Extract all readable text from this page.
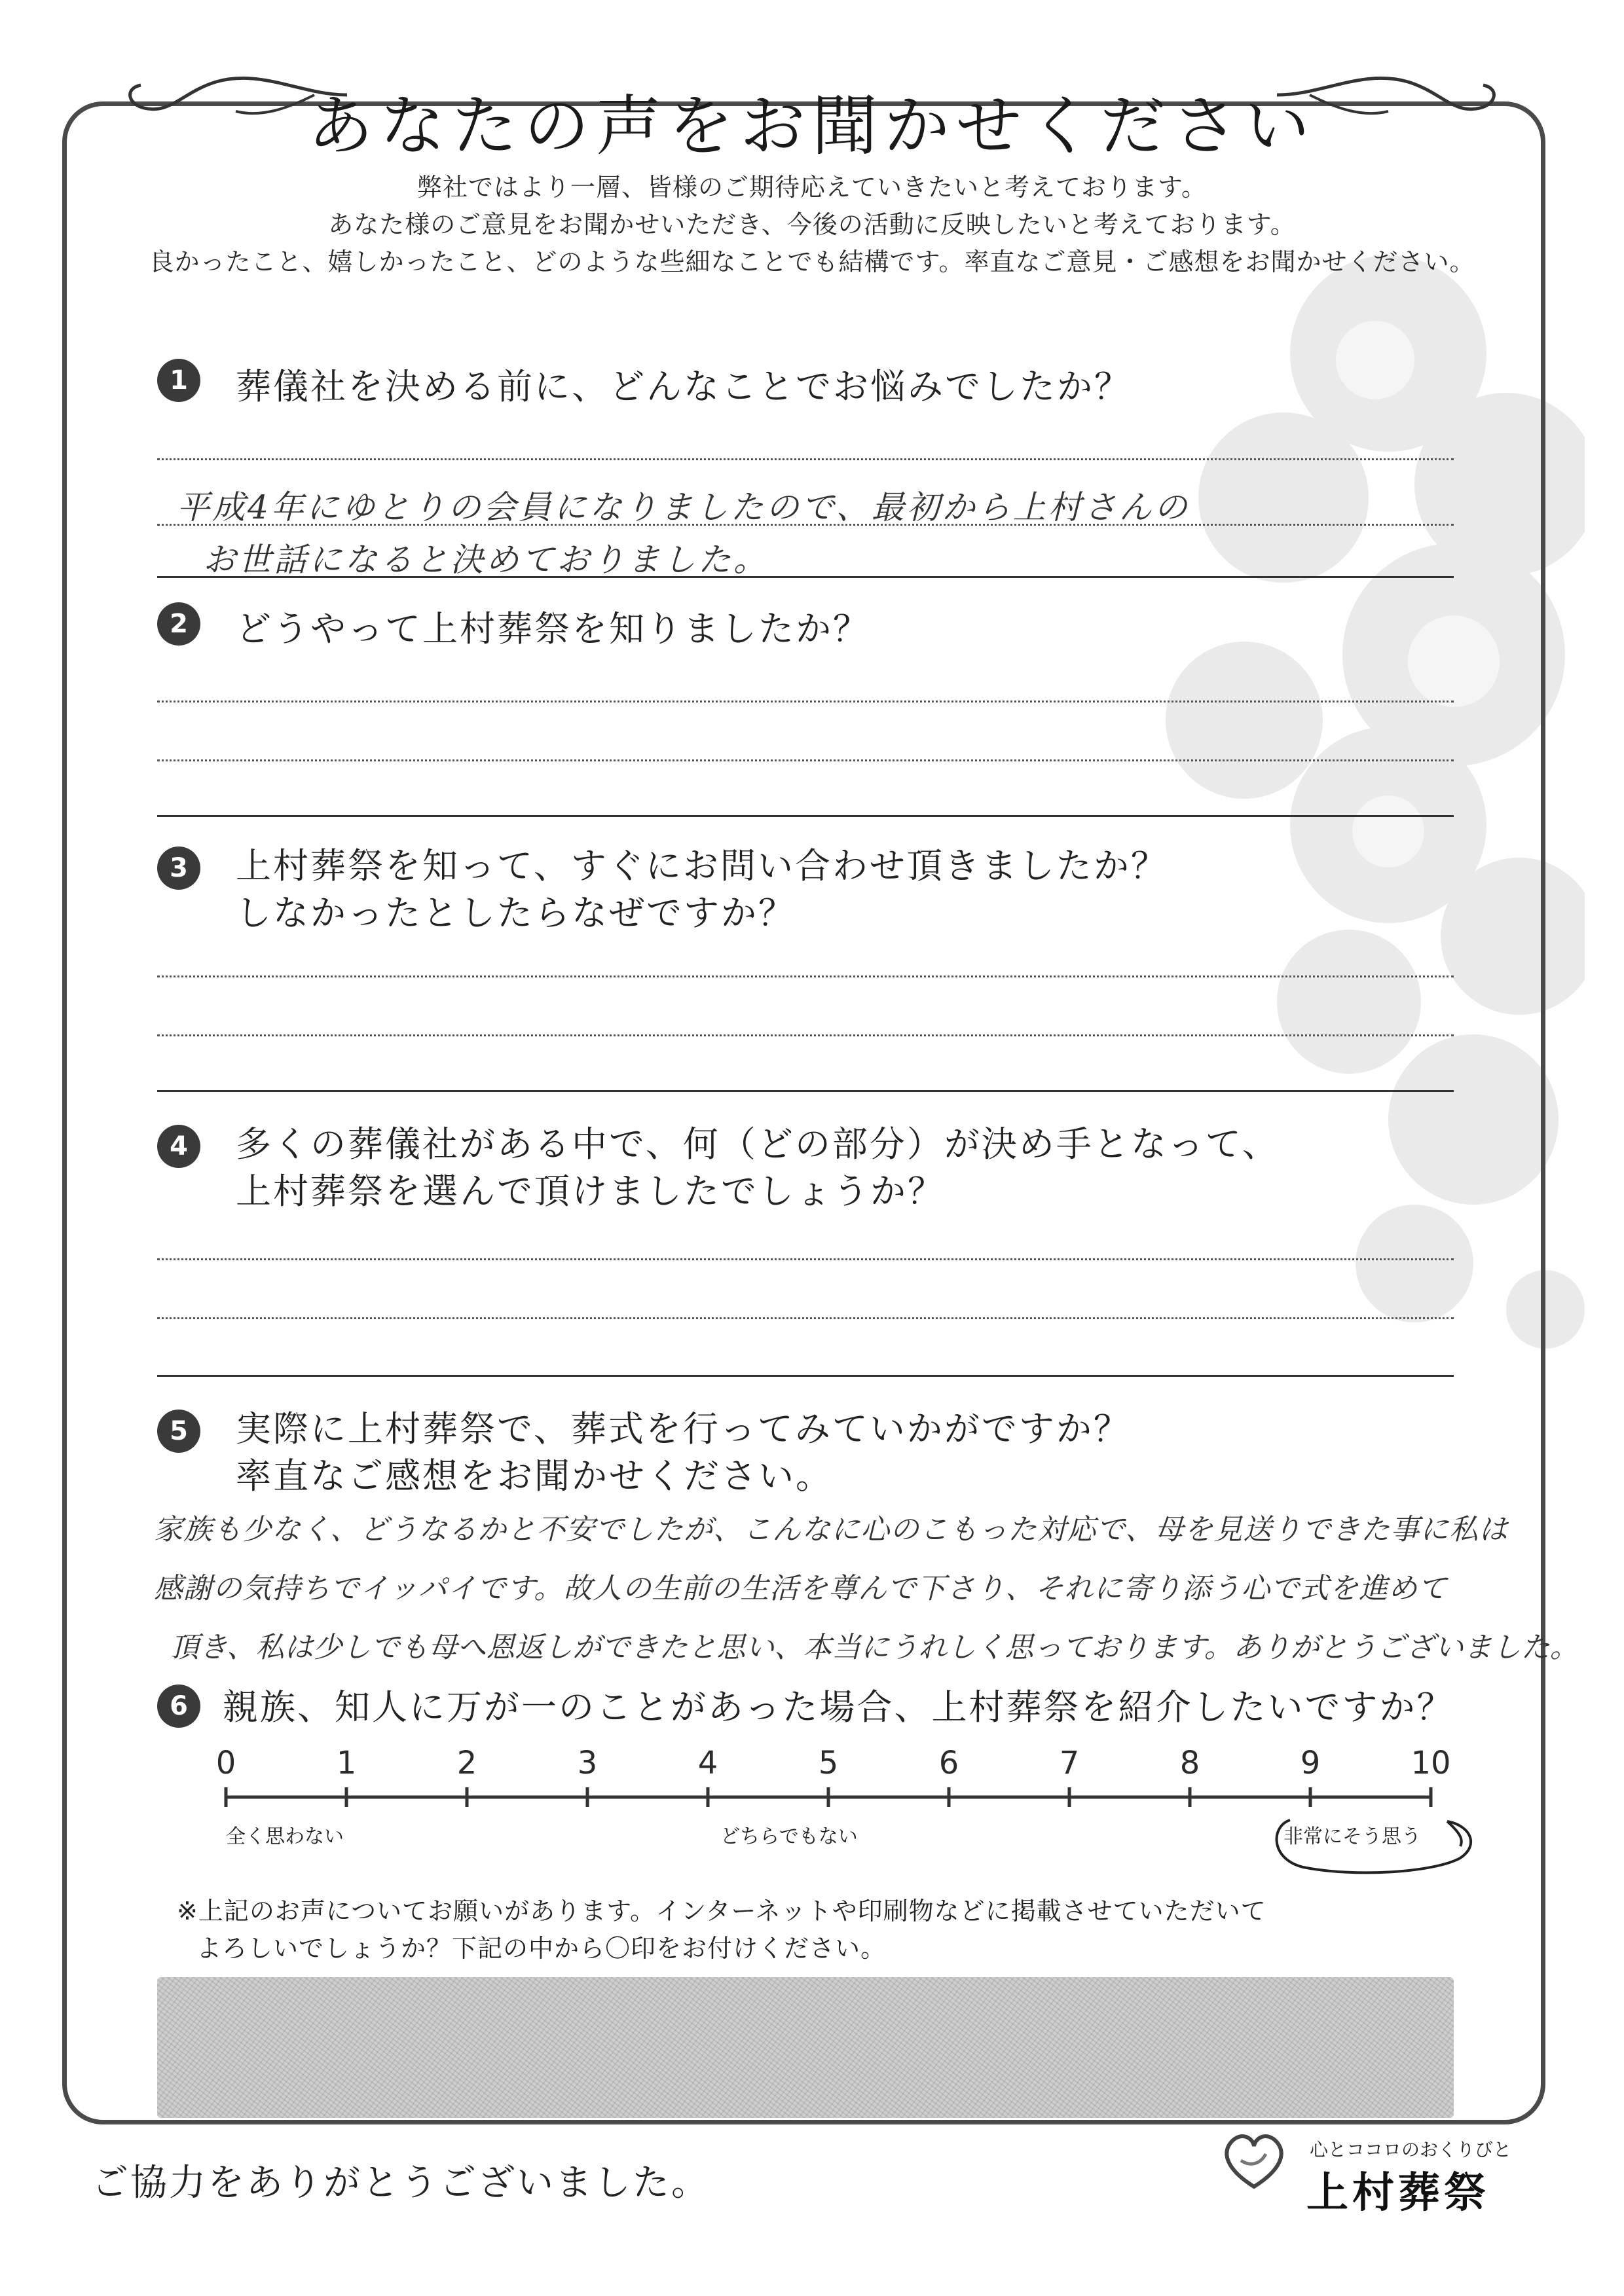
あなたの声をお聞かせください
弊社ではより一層、皆様のご期待応えていきたいと考えております。
あなた様のご意見をお聞かせいただき、今後の活動に反映したいと考えております。
良かったこと、嬉しかったこと、どのような些細なことでも結構です。率直なご意見・ご感想をお聞かせください。
1	葬儀社を決める前に、どんなことでお悩みでしたか？
平成4年にゆとりの会員になりましたので、最初から上村さんの
お世話になると決めておりました。
2	どうやって上村葬祭を知りましたか？
3	上村葬祭を知って、すぐにお問い合わせ頂きましたか？
しなかったとしたらなぜですか？
4	多くの葬儀社がある中で、何（どの部分）が決め手となって、
上村葬祭を選んで頂けましたでしょうか？
5	実際に上村葬祭で、葬式を行ってみていかがですか？
率直なご感想をお聞かせください。
家族も少なく、どうなるかと不安でしたが、こんなに心のこもった対応で、母を見送りできた事に私は
感謝の気持ちでイッパイです。故人の生前の生活を尊んで下さり、それに寄り添う心で式を進めて
頂き、私は少しでも母へ恩返しができたと思い、本当にうれしく思っております。ありがとうございました。
6 親族、知人に万が一のことがあった場合、上村葬祭を紹介したいですか？
0	1	2	3	4	5	6	7	8	9	10
全く思わない	どちらでもない	非常にそう思う
※上記のお声についてお願いがあります。インターネットや印刷物などに掲載させていただいて
よろしいでしょうか？下記の中から〇印をお付けください。
ご協力をありがとうございました。
心とココロのおくりびと
上村葬祭
